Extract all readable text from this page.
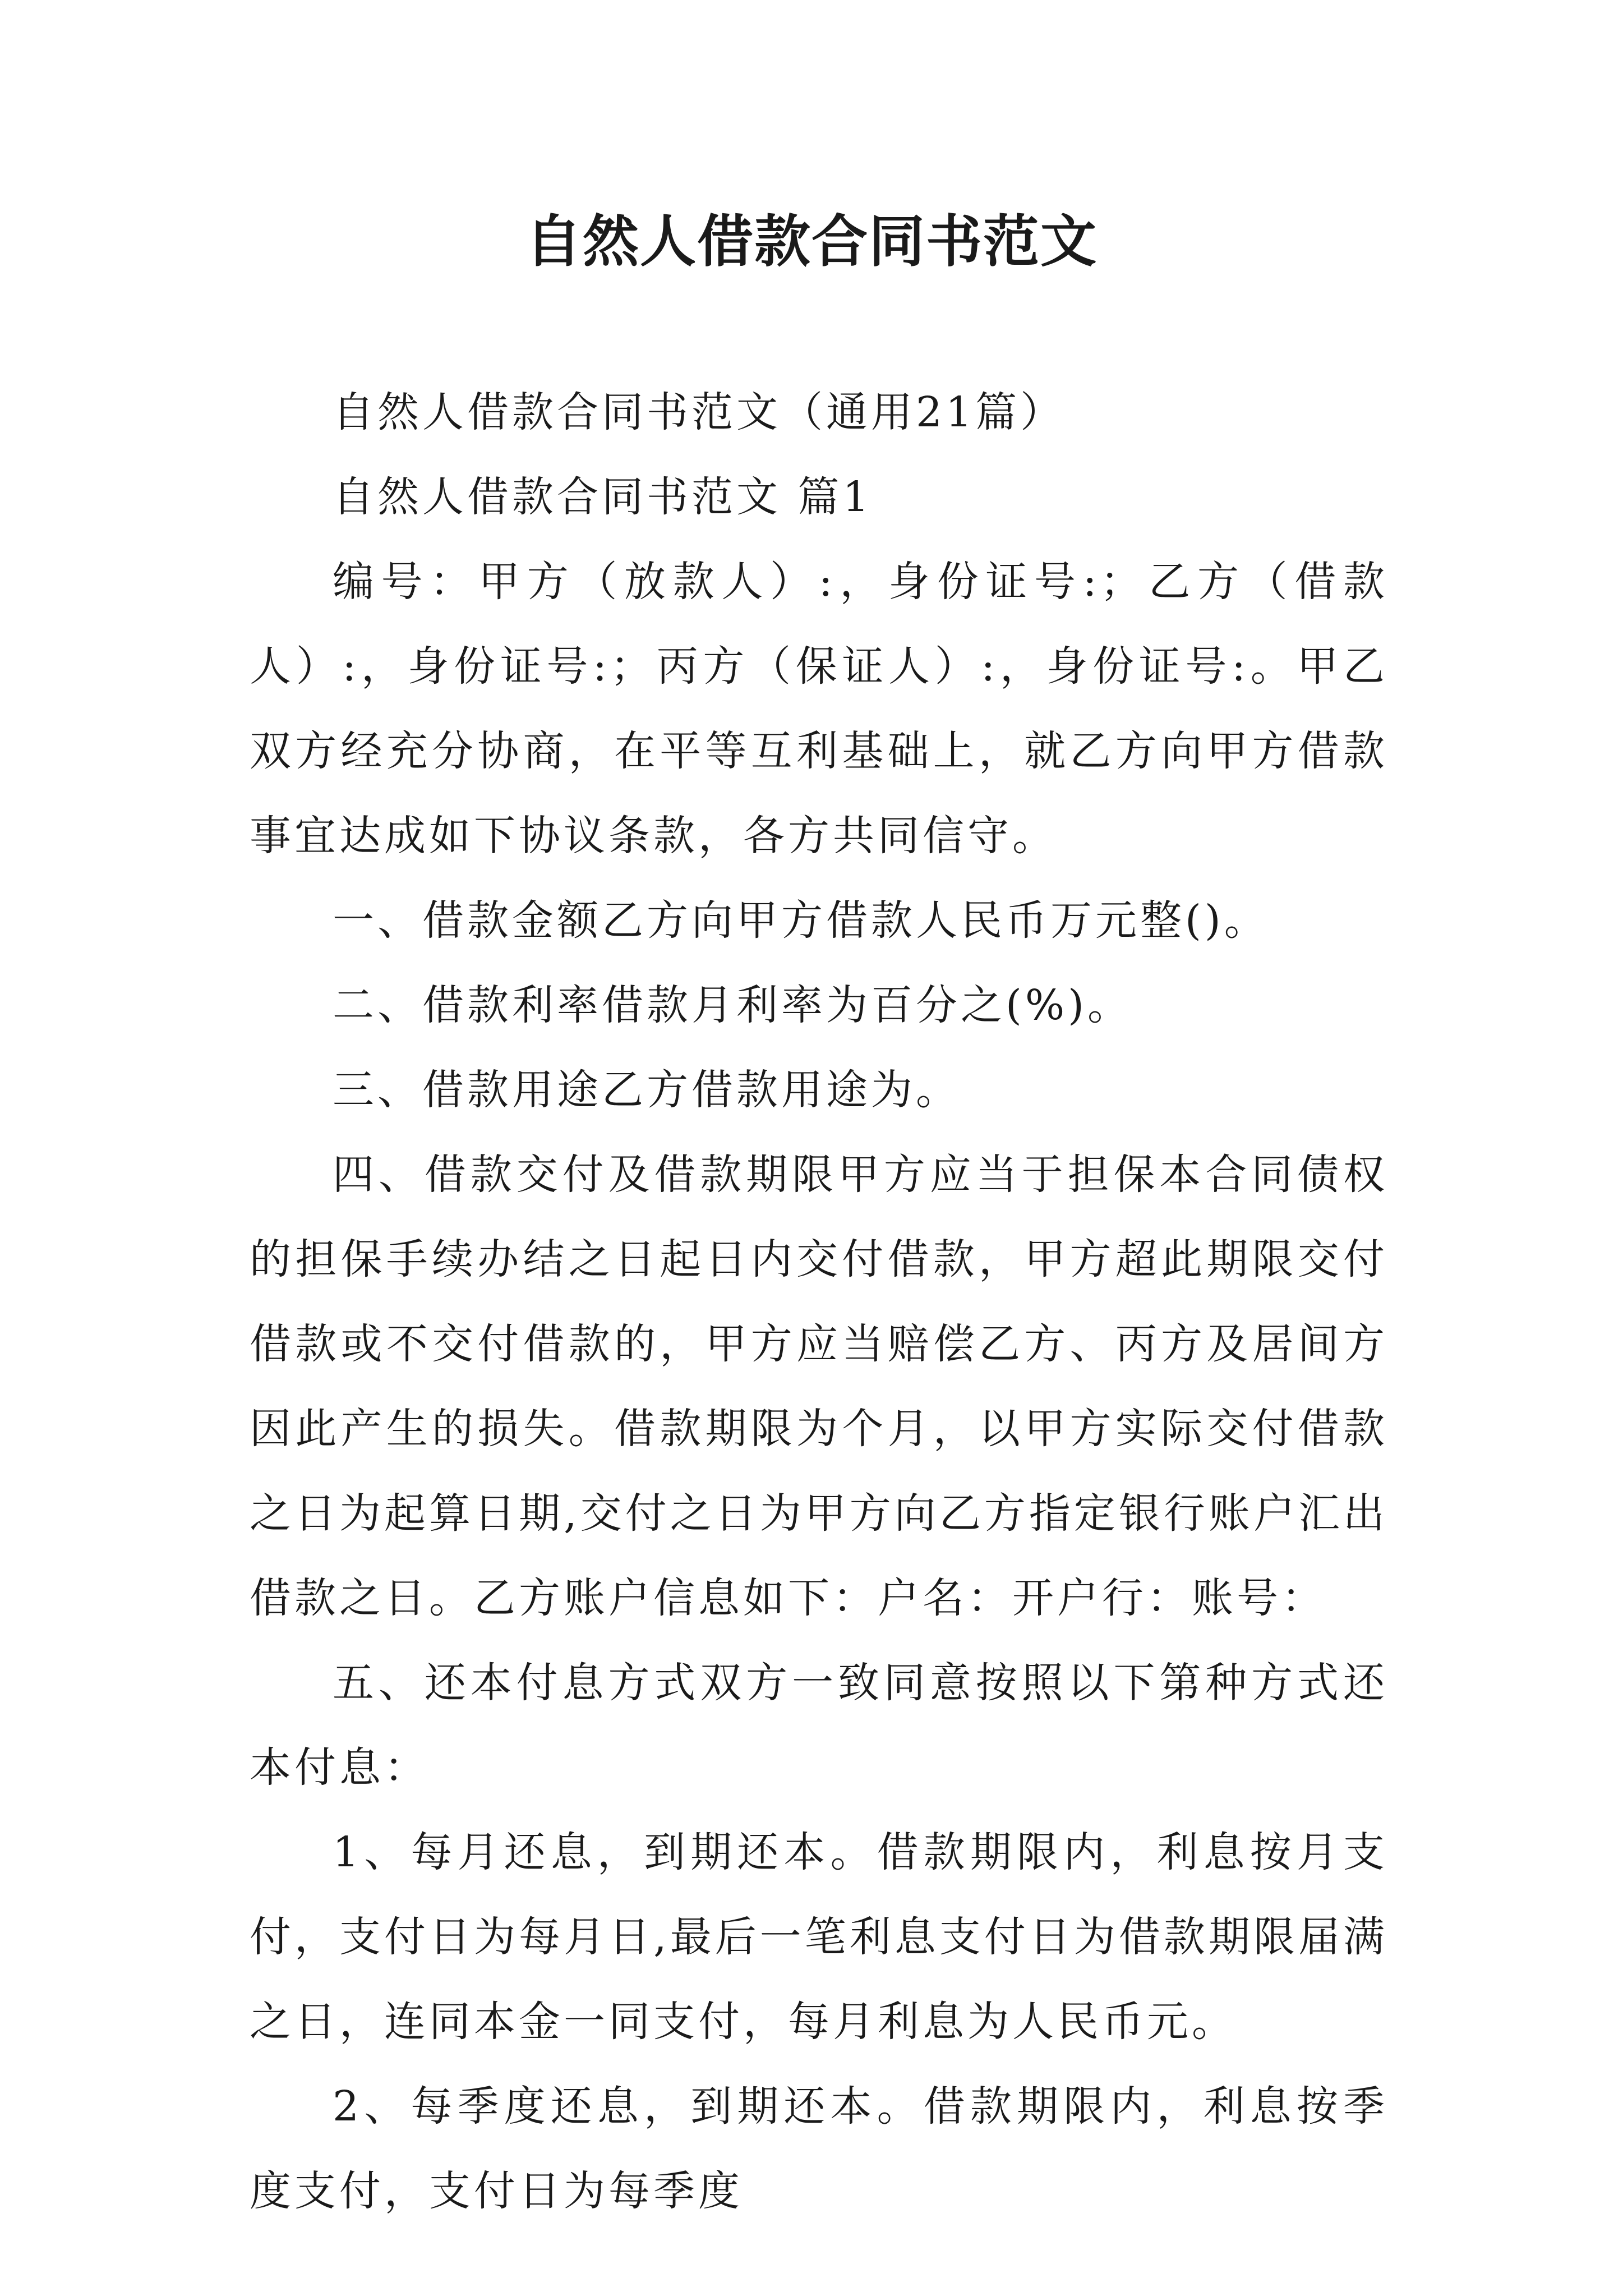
自然人借款合同书范文

自然人借款合同书范文（通用21篇）

自然人借款合同书范文 篇1

编号：甲方（放款人）:，身份证号:；乙方（借款人）:，身份证号:；丙方（保证人）:，身份证号:。甲乙双方经充分协商，在平等互利基础上，就乙方向甲方借款事宜达成如下协议条款，各方共同信守。

一、借款金额乙方向甲方借款人民币万元整()。

二、借款利率借款月利率为百分之(%)。

三、借款用途乙方借款用途为。

四、借款交付及借款期限甲方应当于担保本合同债权的担保手续办结之日起日内交付借款，甲方超此期限交付借款或不交付借款的，甲方应当赔偿乙方、丙方及居间方因此产生的损失。借款期限为个月，以甲方实际交付借款之日为起算日期,交付之日为甲方向乙方指定银行账户汇出借款之日。乙方账户信息如下：户名：开户行：账号：

五、还本付息方式双方一致同意按照以下第种方式还本付息：

1、每月还息，到期还本。借款期限内，利息按月支付，支付日为每月日,最后一笔利息支付日为借款期限届满之日，连同本金一同支付，每月利息为人民币元。

2、每季度还息，到期还本。借款期限内，利息按季度支付，支付日为每季度
